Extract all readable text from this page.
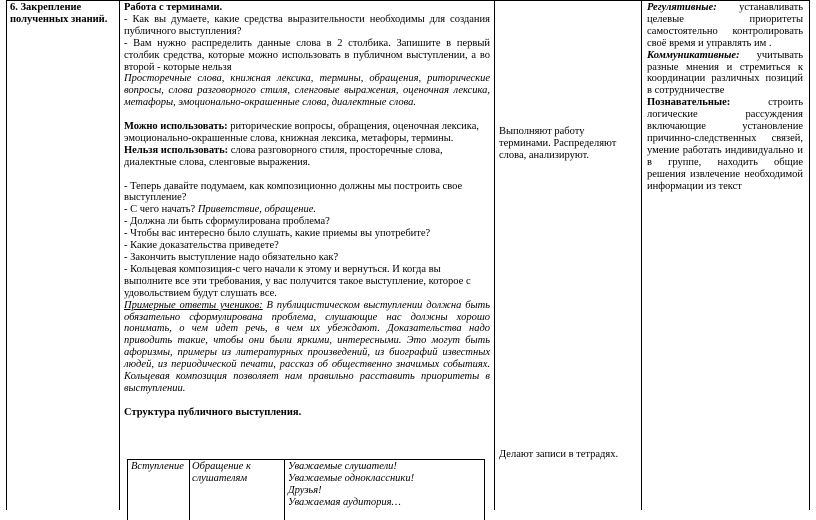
6. Закрепление полученных знаний.

Работа с терминами.

- Как вы думаете, какие средства выразительности необходимы для создания публичного выступления?

- Вам нужно распределить данные слова в 2 столбика. Запишите в первый столбик средства, которые можно использовать в публичном выступлении, а во второй - которые нельзя

Просторечные слова, книжная лексика, термины, обращения, риторические вопросы, слова разговорного стиля, сленговые выражения, оценочная лексика, метафоры, эмоционально-окрашенные слова, диалектные слова.

Можно использовать: риторические вопросы, обращения, оценочная лексика, эмоционально-окрашенные слова, книжная лексика, метафоры, термины.

Нельзя использовать: слова разговорного стиля, просторечные слова, диалектные слова, сленговые выражения.

- Теперь давайте подумаем, как композиционно должны мы построить свое выступление?

- С чего начать? Приветствие, обращение.

- Должна ли быть сформулирована проблема?

- Чтобы вас интересно было слушать, какие приемы вы употребите?

- Какие доказательства приведете?

- Закончить выступление надо обязательно как?

- Кольцевая композиция-с чего начали к этому и вернуться. И когда вы выполните все эти требования, у вас получится такое выступление, которое с удовольствием будут слушать все.

Примерные ответы учеников: В публицистическом выступлении должна быть обязательно сформулирована проблема, слушающие нас должны хорошо понимать, о чем идет речь, в чем их убеждают. Доказательства надо приводить такие, чтобы они были яркими, интересными. Это могут быть афоризмы, примеры из литературных произведений, из биографий известных людей, из периодической печати, рассказ об общественно значимых событиях. Кольцевая композиция позволяет нам правильно расставить приоритеты в выступлении.

Структура публичного выступления.

Вступление Обращение к слушателям
Уважаемые слушатели!
Уважаемые одноклассники!
Друзья!
Уважаемая аудитория…

Выполняют работу терминами. Распределяют слова, анализируют.

Делают записи в тетрадях.

Регулятивные: устанавливать целевые приоритеты самостоятельно контролировать своё время и управлять им .

Коммуникативные: учитывать разные мнения и стремиться к координации различных позиций в сотрудничестве

Познавательные: строить логические рассуждения включающие установление причинно-следственных связей, умение работать индивидуально и в группе, находить общие решения извлечение необходимой информации из текст
